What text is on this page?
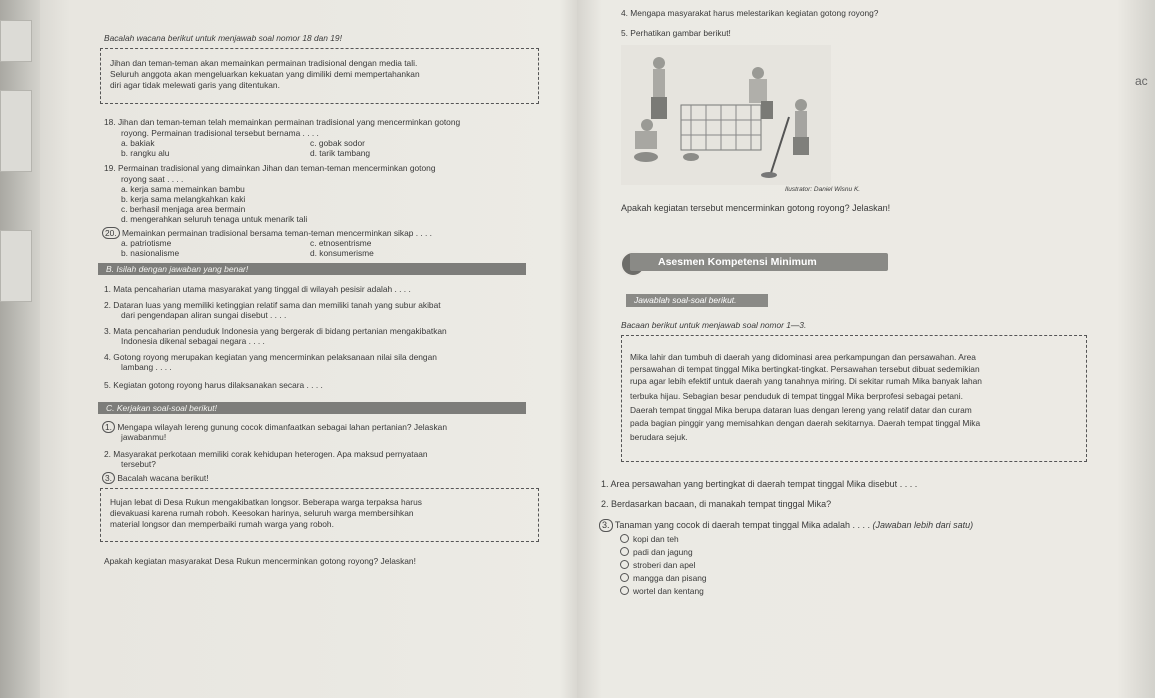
Bacalah wacana berikut untuk menjawab soal nomor 18 dan 19!
Jihan dan teman-teman akan memainkan permainan tradisional dengan media tali.
Seluruh anggota akan mengeluarkan kekuatan yang dimiliki demi mempertahankan
diri agar tidak melewati garis yang ditentukan.
18. Jihan dan teman-teman telah memainkan permainan tradisional yang mencerminkan gotong
royong. Permainan tradisional tersebut bernama . . . .
a. bakiak	c. gobak sodor
b. rangku alu	d. tarik tambang
19. Permainan tradisional yang dimainkan Jihan dan teman-teman mencerminkan gotong
royong saat . . . .
a. kerja sama memainkan bambu
b. kerja sama melangkahkan kaki
c. berhasil menjaga area bermain
d. mengerahkan seluruh tenaga untuk menarik tali
20. Memainkan permainan tradisional bersama teman-teman mencerminkan sikap . . . .
a. patriotisme	c. etnosentrisme
b. nasionalisme	d. konsumerisme
B. Isilah dengan jawaban yang benar!
1. Mata pencaharian utama masyarakat yang tinggal di wilayah pesisir adalah . . . .
2. Dataran luas yang memiliki ketinggian relatif sama dan memiliki tanah yang subur akibat
dari pengendapan aliran sungai disebut . . . .
3. Mata pencaharian penduduk Indonesia yang bergerak di bidang pertanian mengakibatkan
Indonesia dikenal sebagai negara . . . .
4. Gotong royong merupakan kegiatan yang mencerminkan pelaksanaan nilai sila dengan
lambang . . . .
5. Kegiatan gotong royong harus dilaksanakan secara . . . .
C. Kerjakan soal-soal berikut!
1. Mengapa wilayah lereng gunung cocok dimanfaatkan sebagai lahan pertanian? Jelaskan
jawabanmu!
2. Masyarakat perkotaan memiliki corak kehidupan heterogen. Apa maksud pernyataan
tersebut?
3. Bacalah wacana berikut!
Hujan lebat di Desa Rukun mengakibatkan longsor. Beberapa warga terpaksa harus
dievakuasi karena rumah roboh. Keesokan harinya, seluruh warga membersihkan
material longsor dan memperbaiki rumah warga yang roboh.
Apakah kegiatan masyarakat Desa Rukun mencerminkan gotong royong? Jelaskan!
4. Mengapa masyarakat harus melestarikan kegiatan gotong royong?
5. Perhatikan gambar berikut!
Ilustrator: Daniel Wisnu K.
Apakah kegiatan tersebut mencerminkan gotong royong? Jelaskan!
ac
Asesmen Kompetensi Minimum
Jawablah soal-soal berikut.
Bacaan berikut untuk menjawab soal nomor 1—3.
Mika lahir dan tumbuh di daerah yang didominasi area perkampungan dan persawahan. Area
persawahan di tempat tinggal Mika bertingkat-tingkat. Persawahan tersebut dibuat sedemikian
rupa agar lebih efektif untuk daerah yang tanahnya miring. Di sekitar rumah Mika banyak lahan
terbuka hijau. Sebagian besar penduduk di tempat tinggal Mika berprofesi sebagai petani.
Daerah tempat tinggal Mika berupa dataran luas dengan lereng yang relatif datar dan curam
pada bagian pinggir yang memisahkan dengan daerah sekitarnya. Daerah tempat tinggal Mika
berudara sejuk.
1. Area persawahan yang bertingkat di daerah tempat tinggal Mika disebut . . . .
2. Berdasarkan bacaan, di manakah tempat tinggal Mika?
3. Tanaman yang cocok di daerah tempat tinggal Mika adalah . . . . (Jawaban lebih dari satu)
kopi dan teh
padi dan jagung
stroberi dan apel
mangga dan pisang
wortel dan kentang
